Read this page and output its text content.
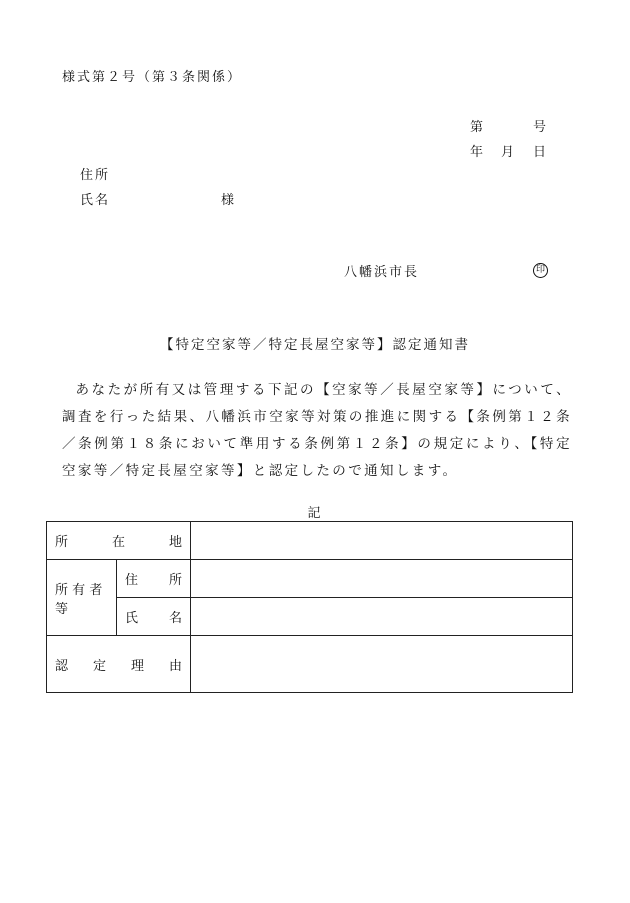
様式第２号（第３条関係）
第	号
年 月 日
住所
氏名	様
八幡浜市長	印
【特定空家等／特定長屋空家等】認定通知書
あなたが所有又は管理する下記の【空家等／長屋空家等】について、調査を行った結果、八幡浜市空家等対策の推進に関する【条例第１２条／条例第１８条において準用する条例第１２条】の規定により、【特定空家等／特定長屋空家等】と認定したので通知します。
記
所 在 地		

所 有 者 等	住 所	

	氏 名	

認 定 理 由		
